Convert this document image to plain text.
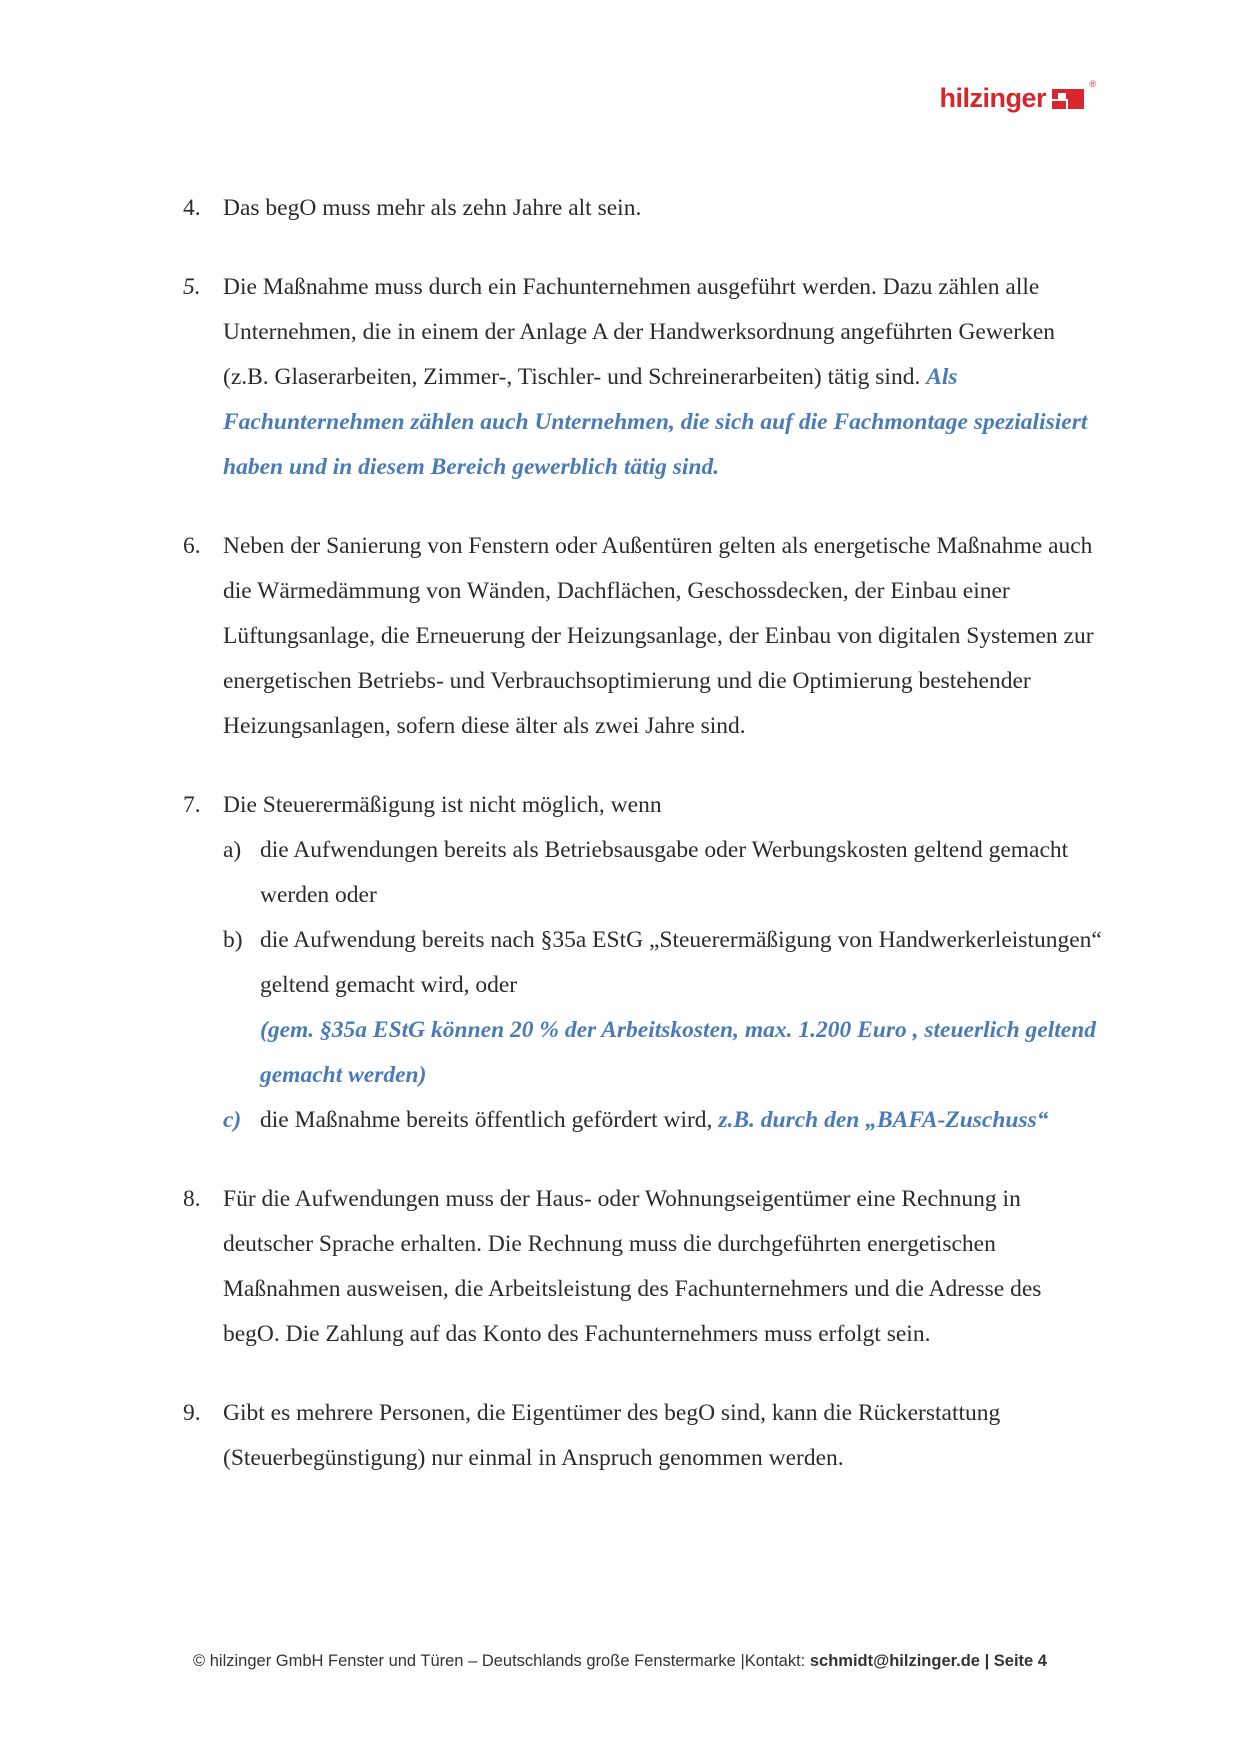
hilzinger	®
4. Das begO muss mehr als zehn Jahre alt sein.
5. Die Maßnahme muss durch ein Fachunternehmen ausgeführt werden. Dazu zählen alle Unternehmen, die in einem der Anlage A der Handwerksordnung angeführten Gewerken (z.B. Glaserarbeiten, Zimmer-, Tischler- und Schreinerarbeiten) tätig sind. Als Fachunternehmen zählen auch Unternehmen, die sich auf die Fachmontage spezialisiert haben und in diesem Bereich gewerblich tätig sind.
6. Neben der Sanierung von Fenstern oder Außentüren gelten als energetische Maßnahme auch die Wärmedämmung von Wänden, Dachflächen, Geschossdecken, der Einbau einer Lüftungsanlage, die Erneuerung der Heizungsanlage, der Einbau von digitalen Systemen zur energetischen Betriebs- und Verbrauchsoptimierung und die Optimierung bestehender Heizungsanlagen, sofern diese älter als zwei Jahre sind.
7. Die Steuerermäßigung ist nicht möglich, wenn
a) die Aufwendungen bereits als Betriebsausgabe oder Werbungskosten geltend gemacht werden oder
b) die Aufwendung bereits nach §35a EStG „Steuerermäßigung von Handwerkerleistungen“ geltend gemacht wird, oder
(gem. §35a EStG können 20 % der Arbeitskosten, max. 1.200 Euro , steuerlich geltend gemacht werden)
c) die Maßnahme bereits öffentlich gefördert wird, z.B. durch den „BAFA-Zuschuss“
8. Für die Aufwendungen muss der Haus- oder Wohnungseigentümer eine Rechnung in deutscher Sprache erhalten. Die Rechnung muss die durchgeführten energetischen Maßnahmen ausweisen, die Arbeitsleistung des Fachunternehmers und die Adresse des begO. Die Zahlung auf das Konto des Fachunternehmers muss erfolgt sein.
9. Gibt es mehrere Personen, die Eigentümer des begO sind, kann die Rückerstattung (Steuerbegünstigung) nur einmal in Anspruch genommen werden.
© hilzinger GmbH Fenster und Türen – Deutschlands große Fenstermarke |Kontakt: schmidt@hilzinger.de | Seite 4
